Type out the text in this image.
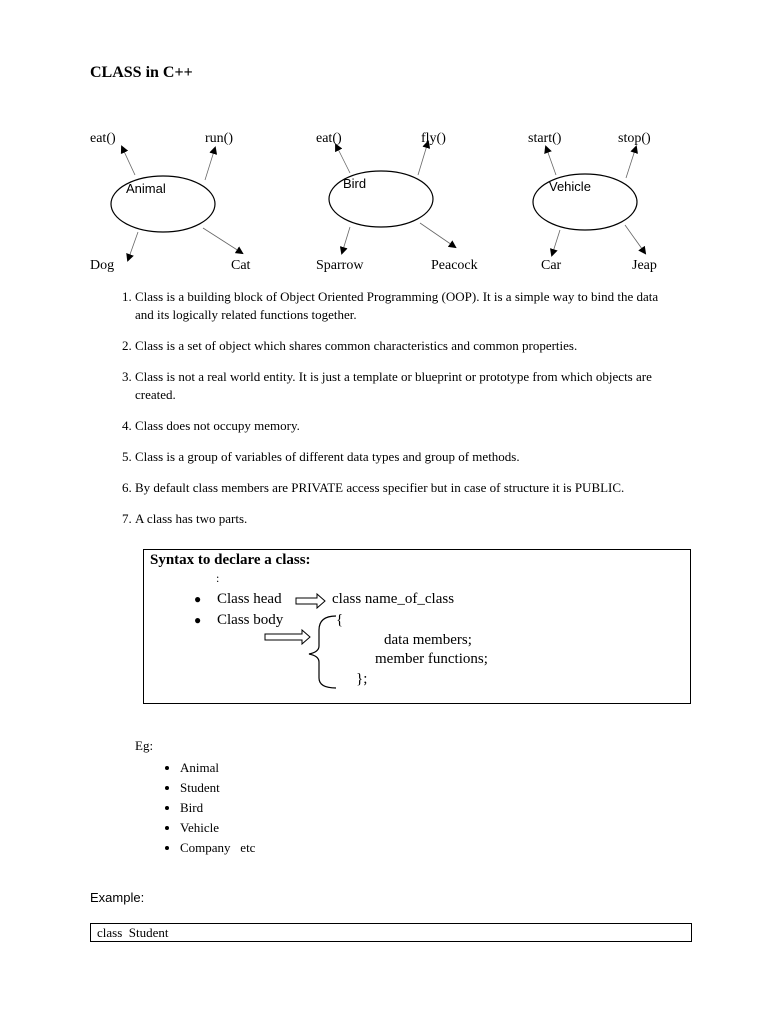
CLASS in C++
eat()	run()
Animal
Dog	Cat
eat()	fly()
Bird
Sparrow	Peacock
start()	stop()
Vehicle
Car	Jeap
1. Class is a building block of Object Oriented Programming (OOP). It is a simple way to bind the data and its logically related functions together.
2. Class is a set of object which shares common characteristics and common properties.
3. Class is not a real world entity. It is just a template or blueprint or prototype from which objects are created.
4. Class does not occupy memory.
5. Class is a group of variables of different data types and group of methods.
6. By default class members are PRIVATE access specifier but in case of structure it is PUBLIC.
7. A class has two parts.
Syntax to declare a class:
:
● Class head	class name_of_class
● Class body	{
data members;
member functions;
};
Eg:
• Animal
• Student
• Bird
• Vehicle
• Company   etc
Example:
class  Student
